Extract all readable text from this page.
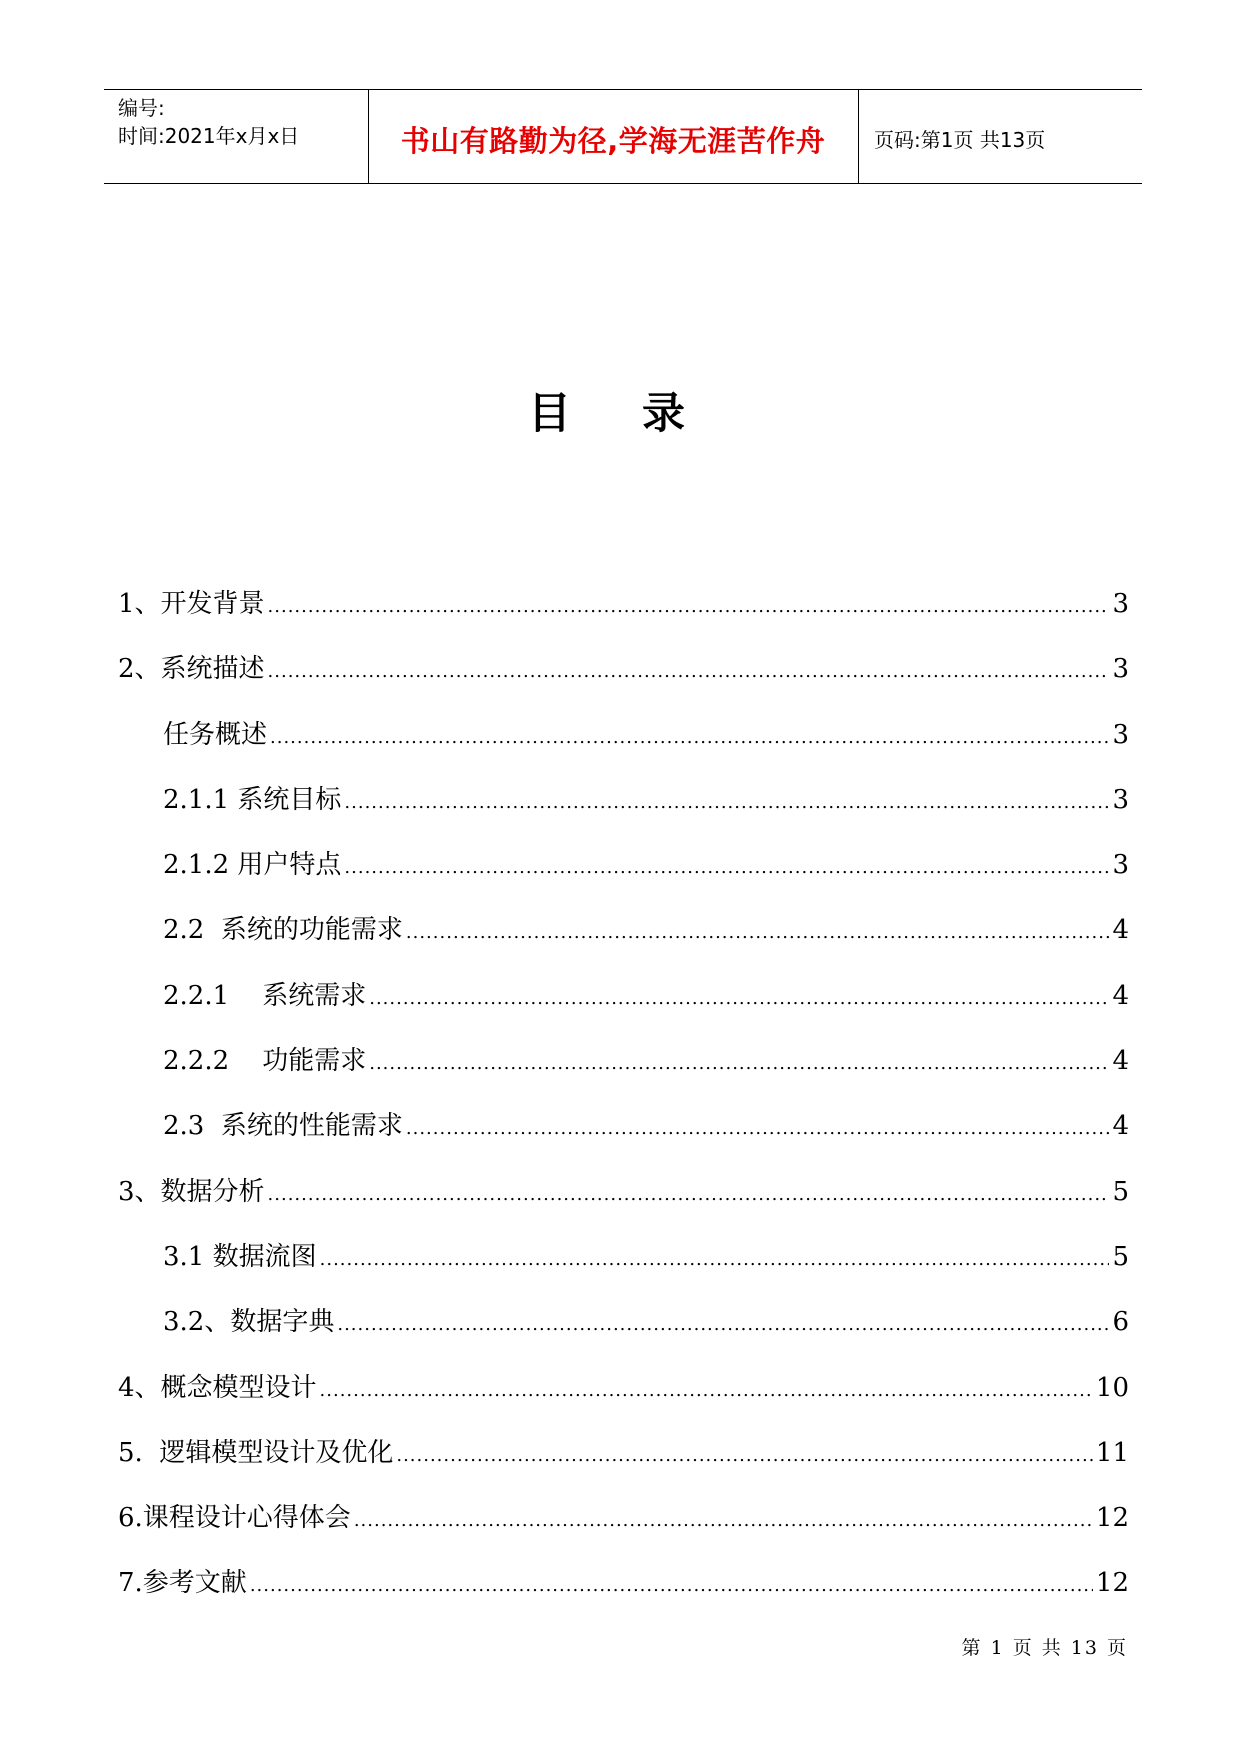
编号:
时间:2021年x月x日	书山有路勤为径,学海无涯苦作舟	页码:第1页 共13页
目 录
1、开发背景 .....	3
2、系统描述 .....	3
任务概述 .....	3
2.1.1 系统目标 .....	3
2.1.2 用户特点 .....	3
2.2  系统的功能需求 .....	4
2.2.1    系统需求 .....	4
2.2.2    功能需求 .....	4
2.3  系统的性能需求 .....	4
3、数据分析 .....	5
3.1 数据流图 .....	5
3.2、数据字典 .....	6
4、概念模型设计 .....	10
5.  逻辑模型设计及优化 .....	11
6.课程设计心得体会 .....	12
7.参考文献 .....	12
第 1 页 共 13 页
